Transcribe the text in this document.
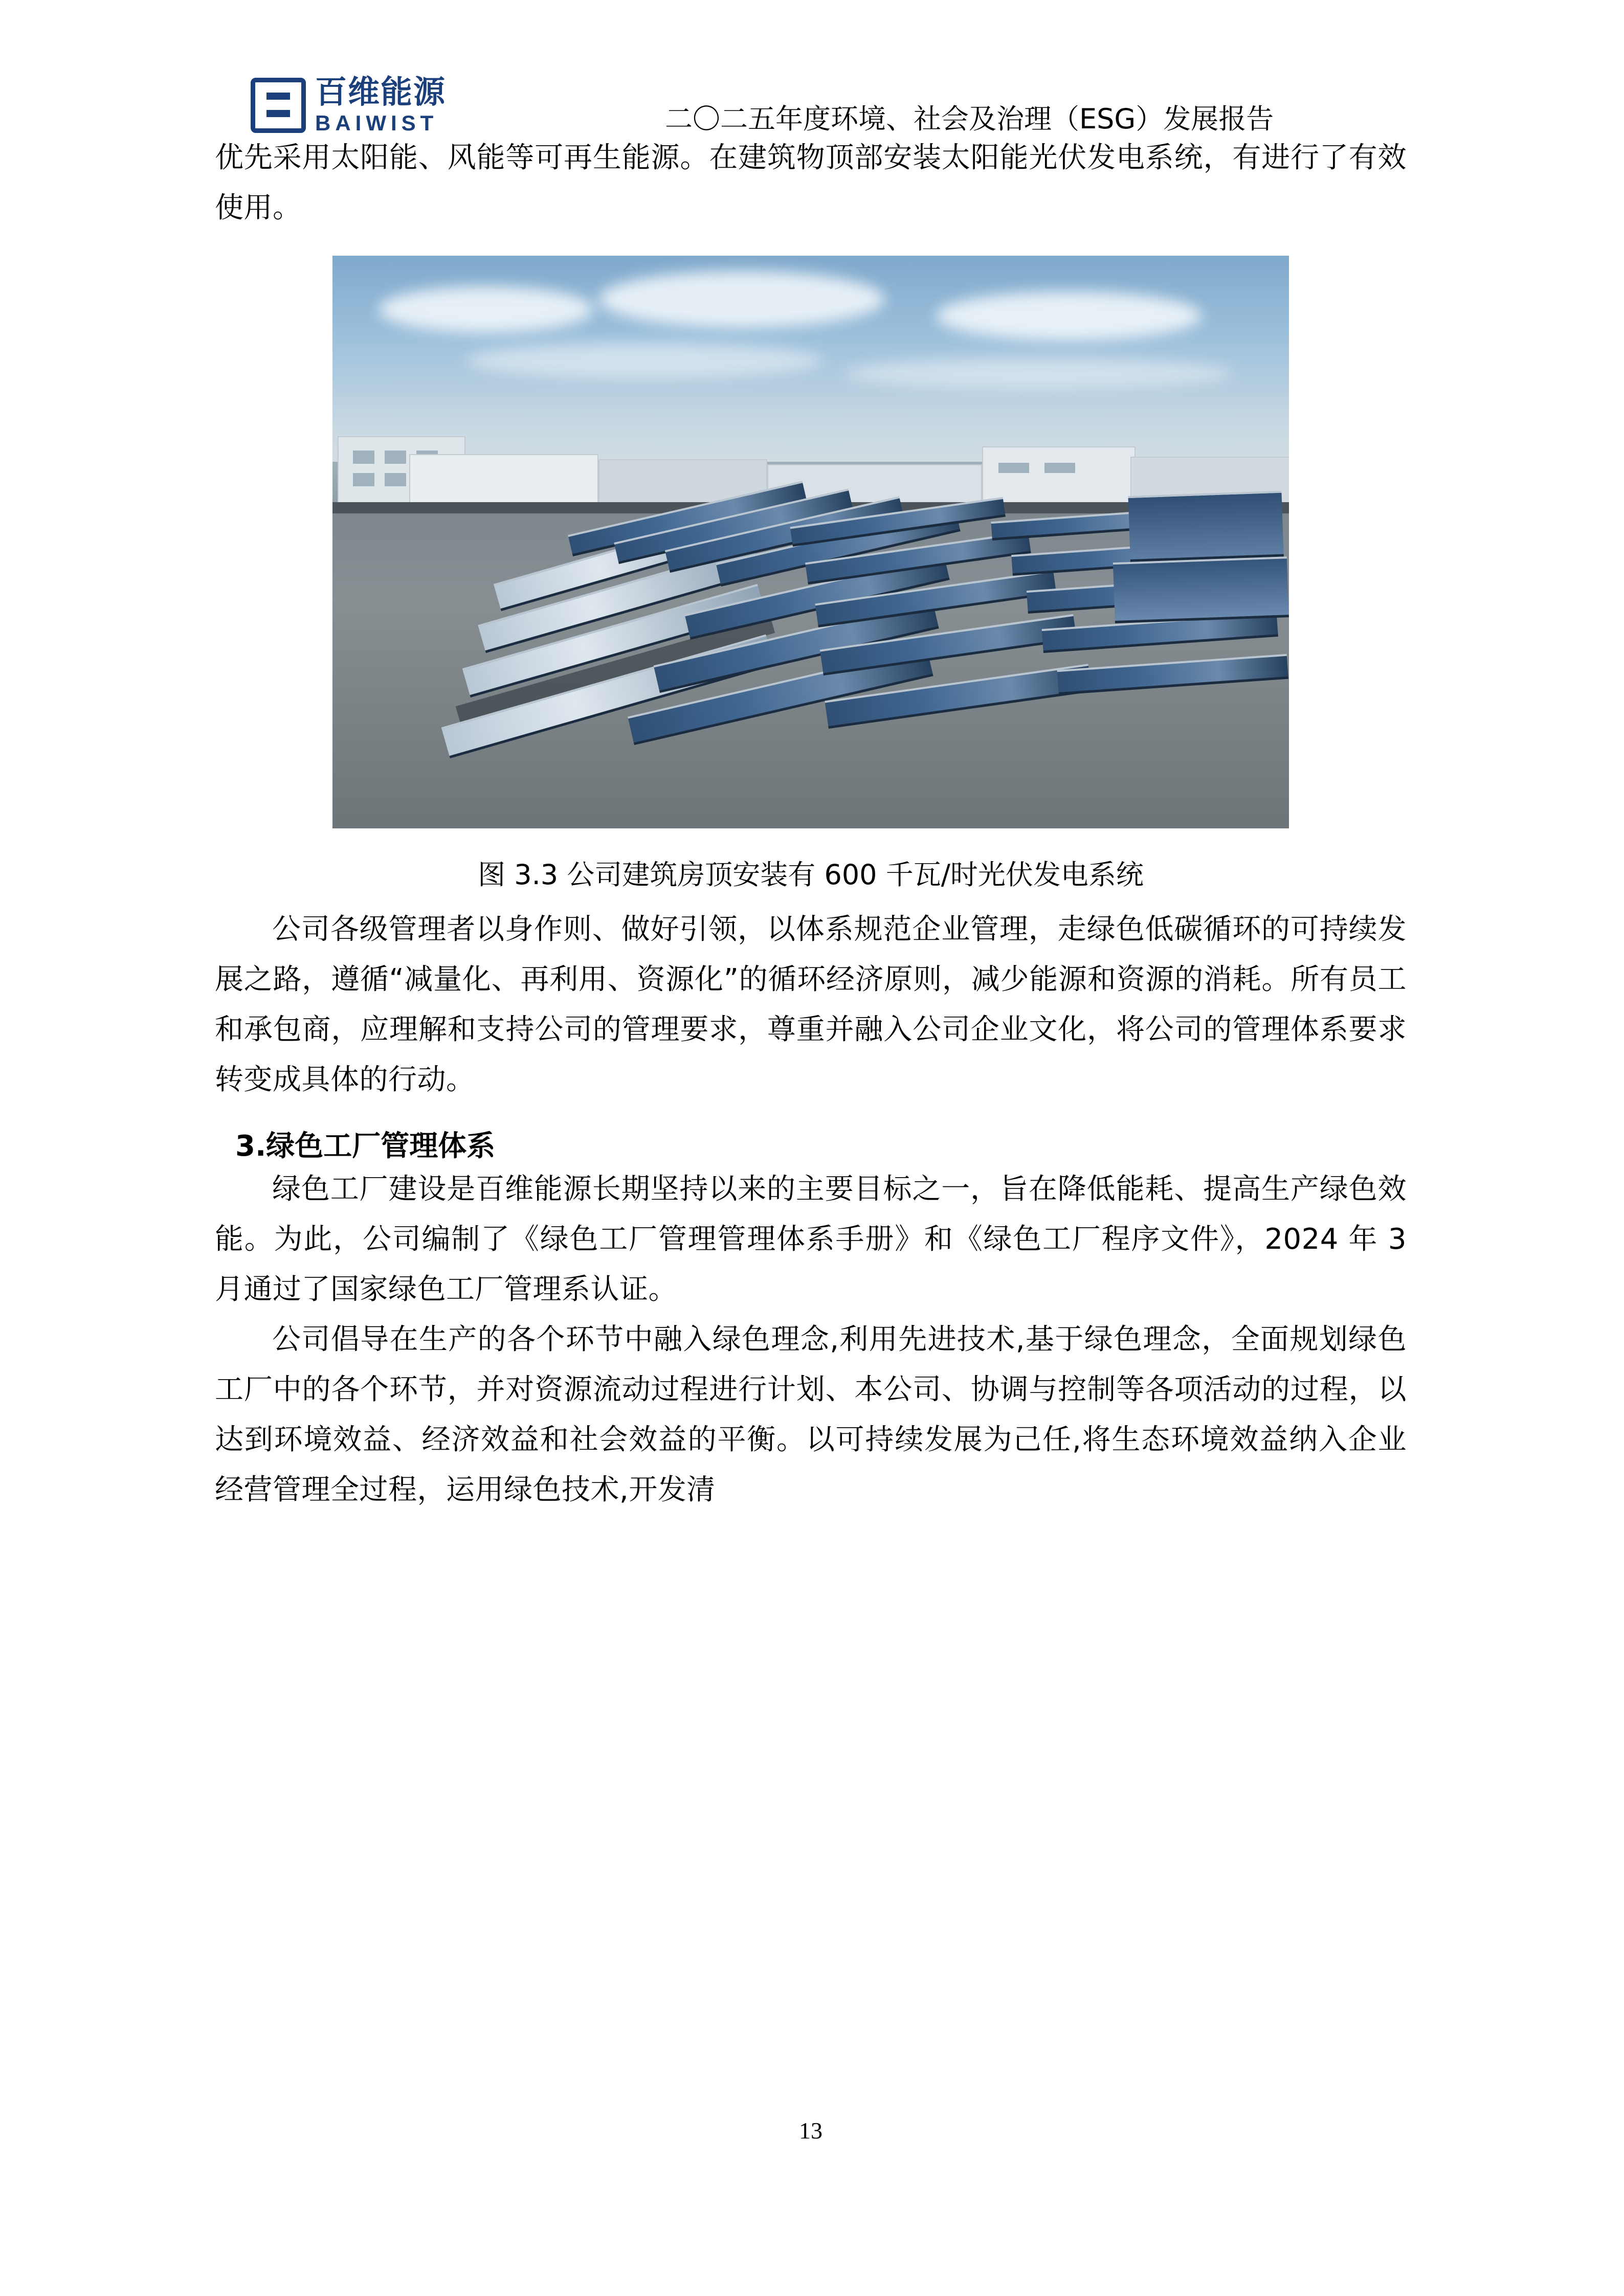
百维能源
BAIWIST	二〇二五年度环境、社会及治理（ESG）发展报告

优先采用太阳能、风能等可再生能源。在建筑物顶部安装太阳能光伏发电系统，有进行了有效使用。

图 3.3 公司建筑房顶安装有 600 千瓦/时光伏发电系统

公司各级管理者以身作则、做好引领，以体系规范企业管理，走绿色低碳循环的可持续发展之路，遵循“减量化、再利用、资源化”的循环经济原则，减少能源和资源的消耗。所有员工和承包商，应理解和支持公司的管理要求，尊重并融入公司企业文化，将公司的管理体系要求转变成具体的行动。

3.绿色工厂管理体系

绿色工厂建设是百维能源长期坚持以来的主要目标之一，旨在降低能耗、提高生产绿色效能。为此，公司编制了《绿色工厂管理管理体系手册》和《绿色工厂程序文件》，2024 年 3 月通过了国家绿色工厂管理系认证。

公司倡导在生产的各个环节中融入绿色理念,利用先进技术,基于绿色理念，全面规划绿色工厂中的各个环节，并对资源流动过程进行计划、本公司、协调与控制等各项活动的过程，以达到环境效益、经济效益和社会效益的平衡。以可持续发展为己任,将生态环境效益纳入企业经营管理全过程，运用绿色技术,开发清

13
